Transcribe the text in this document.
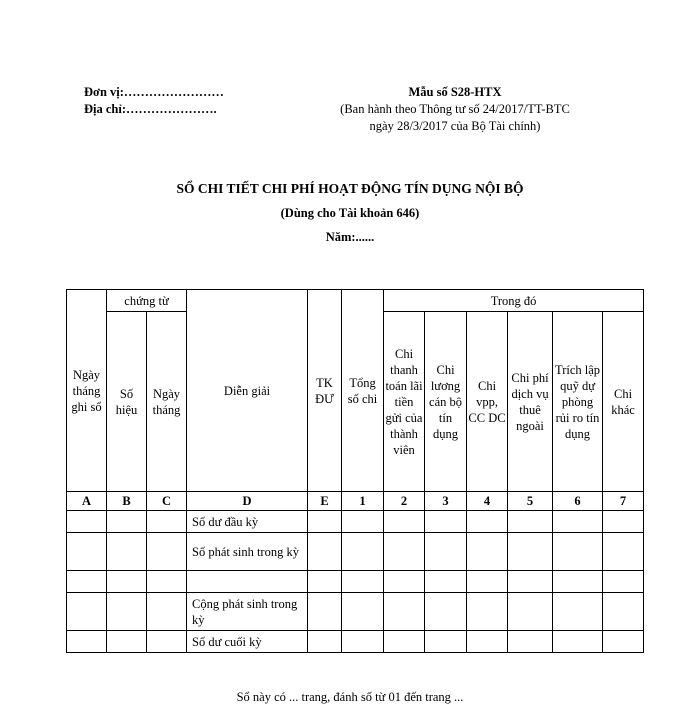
Đơn vị:……………………
Địa chỉ:………………….
Mẫu số S28-HTX
(Ban hành theo Thông tư số 24/2017/TT-BTC
ngày 28/3/2017 của Bộ Tài chính)
SỔ CHI TIẾT CHI PHÍ HOẠT ĐỘNG TÍN DỤNG NỘI BỘ
(Dùng cho Tài khoản 646)
Năm:......
Ngày tháng ghi sổ	chứng từ		Diễn giải	TK ĐƯ	Tổng số chi	Trong đó					
	Số hiệu	Ngày tháng				Chi thanh toán lãi tiền gửi của thành viên	Chi lương cán bộ tín dụng	Chi vpp, CC DC	Chi phí dịch vụ thuê ngoài	Trích lập quỹ dự phòng rủi ro tín dụng	Chi khác
A	B	C	D	E	1	2	3	4	5	6	7
			Số dư đầu kỳ								
			Số phát sinh trong kỳ								

			Cộng phát sinh trong kỳ								
			Số dư cuối kỳ								
Sổ này có ... trang, đánh số từ 01 đến trang ...
